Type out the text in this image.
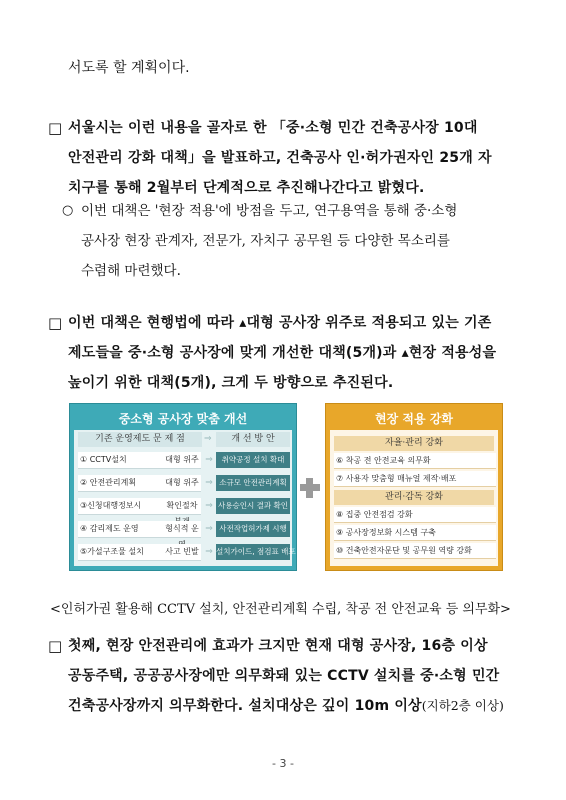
서도록 할 계획이다.
□ 서울시는 이런 내용을 골자로 한 「중·소형 민간 건축공사장 10대
안전관리 강화 대책」을 발표하고, 건축공사 인·허가권자인 25개 자
치구를 통해 2월부터 단계적으로 추진해나간다고 밝혔다.
○ 이번 대책은 '현장 적용'에 방점을 두고, 연구용역을 통해 중·소형
공사장 현장 관계자, 전문가, 자치구 공무원 등 다양한 목소리를
수렴해 마련했다.
□ 이번 대책은 현행법에 따라 ▴대형 공사장 위주로 적용되고 있는 기존
제도들을 중·소형 공사장에 맞게 개선한 대책(5개)과 ▴현장 적용성을
높이기 위한 대책(5개), 크게 두 방향으로 추진된다.
중소형 공사장 맞춤 개선
기존 운영제도 문 제 점	⇒	개 선 방 안
① CCTV설치	대형 위주 ⇒	취약공정 설치 확대
② 안전관리계획	대형 위주 ⇒ 소규모 안전관리계획
③신청대행정보시	확인절차 ⇒ 사용승인시 결과 확인
④ 감리제도 운영	형식적 운 ⇒ 사전작업허가제 시행
⑤가설구조물 설치	사고 빈발 ⇒ 설치가이드, 점검표 배포
현장 적용 강화
자율·관리 강화
⑥ 착공 전 안전교육 의무화
⑦ 사용자 맞춤형 매뉴얼 제작·배포
관리·감독 강화
⑧ 집중 안전점검 강화
⑨ 공사장정보화 시스템 구축
⑩ 건축안전자문단 및 공무원 역량 강화
<인허가권 활용해 CCTV 설치, 안전관리계획 수립, 착공 전 안전교육 등 의무화>
□ 첫째, 현장 안전관리에 효과가 크지만 현재 대형 공사장, 16층 이상
공동주택, 공공공사장에만 의무화돼 있는 CCTV 설치를 중·소형 민간
건축공사장까지 의무화한다. 설치대상은 깊이 10m 이상(지하2층 이상)
- 3 -
